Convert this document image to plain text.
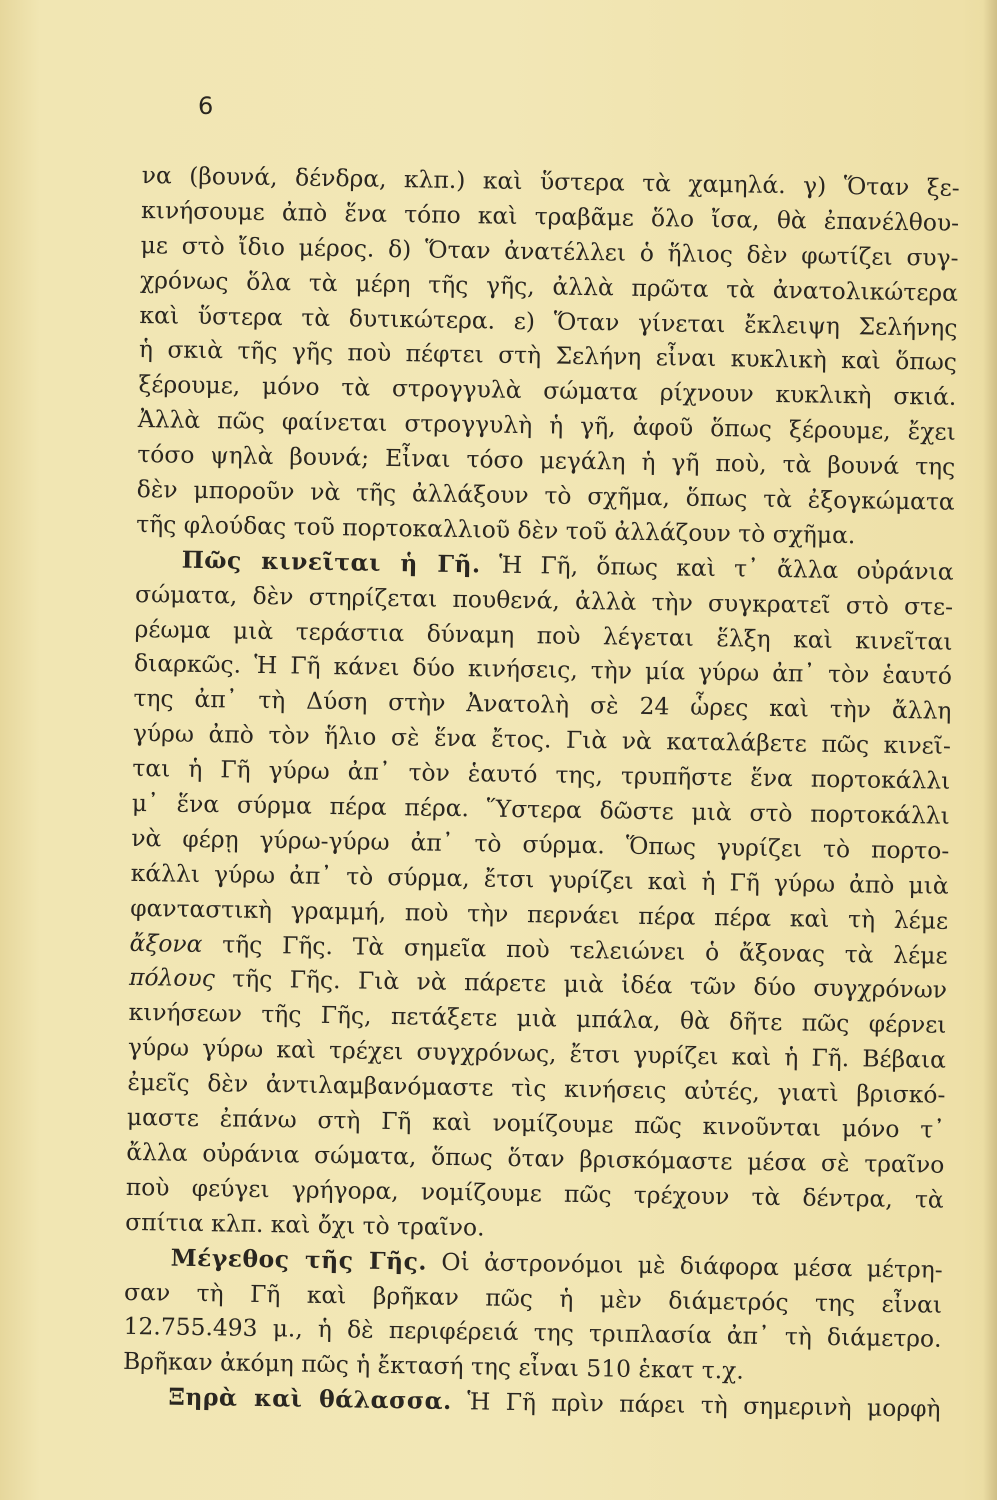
6
να (βουνά, δένδρα, κλπ.) καὶ ὕστερα τὰ χαμηλά. γ) Ὅταν ξε-
κινήσουμε ἀπὸ ἕνα τόπο καὶ τραβᾶμε ὅλο ἴσα, θὰ ἐπανέλθου-
με στὸ ἴδιο μέρος. δ) Ὅταν ἀνατέλλει ὁ ἥλιος δὲν φωτίζει συγ-
χρόνως ὅλα τὰ μέρη τῆς γῆς, ἀλλὰ πρῶτα τὰ ἀνατολικώτερα
καὶ ὕστερα τὰ δυτικώτερα. ε) Ὅταν γίνεται ἔκλειψη Σελήνης
ἡ σκιὰ τῆς γῆς ποὺ πέφτει στὴ Σελήνη εἶναι κυκλικὴ καὶ ὅπως
ξέρουμε, μόνο τὰ στρογγυλὰ σώματα ρίχνουν κυκλικὴ σκιά.
Ἀλλὰ πῶς φαίνεται στρογγυλὴ ἡ γῆ, ἀφοῦ ὅπως ξέρουμε, ἔχει
τόσο ψηλὰ βουνά; Εἶναι τόσο μεγάλη ἡ γῆ ποὺ, τὰ βουνά της
δὲν μποροῦν νὰ τῆς ἀλλάξουν τὸ σχῆμα, ὅπως τὰ ἐξογκώματα
τῆς φλούδας τοῦ πορτοκαλλιοῦ δὲν τοῦ ἀλλάζουν τὸ σχῆμα.
Πῶς κινεῖται ἡ Γῆ. Ἡ Γῆ, ὅπως καὶ τ᾽ ἄλλα οὐράνια
σώματα, δὲν στηρίζεται πουθενά, ἀλλὰ τὴν συγκρατεῖ στὸ στε-
ρέωμα μιὰ τεράστια δύναμη ποὺ λέγεται ἕλξη καὶ κινεῖται
διαρκῶς. Ἡ Γῆ κάνει δύο κινήσεις, τὴν μία γύρω ἀπ᾽ τὸν ἑαυτό
της ἀπ᾽ τὴ Δύση στὴν Ἀνατολὴ σὲ 24 ὧρες καὶ τὴν ἄλλη
γύρω ἀπὸ τὸν ἥλιο σὲ ἕνα ἔτος. Γιὰ νὰ καταλάβετε πῶς κινεῖ-
ται ἡ Γῆ γύρω ἀπ᾽ τὸν ἑαυτό της, τρυπῆστε ἕνα πορτοκάλλι
μ᾽ ἕνα σύρμα πέρα πέρα. Ὕστερα δῶστε μιὰ στὸ πορτοκάλλι
νὰ φέρῃ γύρω-γύρω ἀπ᾽ τὸ σύρμα. Ὅπως γυρίζει τὸ πορτο-
κάλλι γύρω ἀπ᾽ τὸ σύρμα, ἔτσι γυρίζει καὶ ἡ Γῆ γύρω ἀπὸ μιὰ
φανταστικὴ γραμμή, ποὺ τὴν περνάει πέρα πέρα καὶ τὴ λέμε
ἄξονα τῆς Γῆς. Τὰ σημεῖα ποὺ τελειώνει ὁ ἄξονας τὰ λέμε
πόλους τῆς Γῆς. Γιὰ νὰ πάρετε μιὰ ἰδέα τῶν δύο συγχρόνων
κινήσεων τῆς Γῆς, πετάξετε μιὰ μπάλα, θὰ δῆτε πῶς φέρνει
γύρω γύρω καὶ τρέχει συγχρόνως, ἔτσι γυρίζει καὶ ἡ Γῆ. Βέβαια
ἐμεῖς δὲν ἀντιλαμβανόμαστε τὶς κινήσεις αὐτές, γιατὶ βρισκό-
μαστε ἐπάνω στὴ Γῆ καὶ νομίζουμε πῶς κινοῦνται μόνο τ᾽
ἄλλα οὐράνια σώματα, ὅπως ὅταν βρισκόμαστε μέσα σὲ τραῖνο
ποὺ φεύγει γρήγορα, νομίζουμε πῶς τρέχουν τὰ δέντρα, τὰ
σπίτια κλπ. καὶ ὄχι τὸ τραῖνο.
Μέγεθος τῆς Γῆς. Οἱ ἀστρονόμοι μὲ διάφορα μέσα μέτρη-
σαν τὴ Γῆ καὶ βρῆκαν πῶς ἡ μὲν διάμετρός της εἶναι
12.755.493 μ., ἡ δὲ περιφέρειά της τριπλασία ἀπ᾽ τὴ διάμετρο.
Βρῆκαν ἀκόμη πῶς ἡ ἔκτασή της εἶναι 510 ἑκατ τ.χ.
Ξηρὰ καὶ θάλασσα. Ἡ Γῆ πρὶν πάρει τὴ σημερινὴ μορφὴ
